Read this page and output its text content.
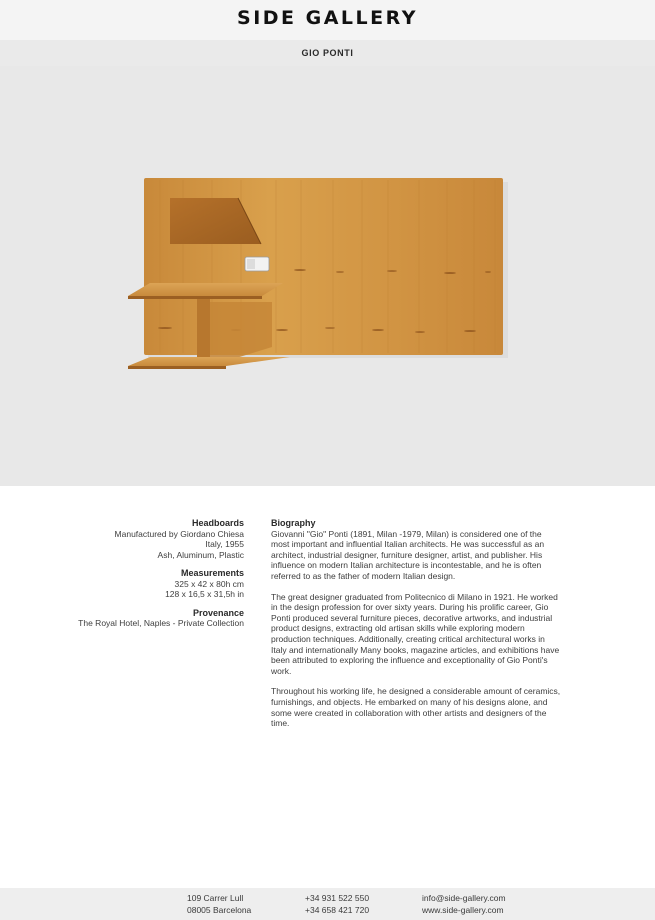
SIDE GALLERY
GIO PONTI
Headboards
Manufactured by Giordano Chiesa
Italy, 1955
Ash, Aluminum, Plastic
Measurements
325 x 42 x 80h cm
128 x 16,5 x 31,5h in
Provenance
The Royal Hotel, Naples - Private Collection
Biography

Giovanni "Gio" Ponti (1891, Milan -1979, Milan) is considered one of the most important and influential Italian architects. He was successful as an architect, industrial designer, furniture designer, artist, and publisher. His influence on modern Italian architecture is incontestable, and he is often referred to as the father of modern Italian design.

The great designer graduated from Politecnico di Milano in 1921. He worked in the design profession for over sixty years. During his prolific career, Gio Ponti produced several furniture pieces, decorative artworks, and industrial product designs, extracting old artisan skills while exploring modern production techniques. Additionally, creating critical architectural works in Italy and internationally Many books, magazine articles, and exhibitions have been attributed to exploring the influence and exceptionality of Gio Ponti's work.

Throughout his working life, he designed a considerable amount of ceramics, furnishings, and objects. He embarked on many of his designs alone, and some were created in collaboration with other artists and designers of the time.

109 Carrer Lull
08005 Barcelona
+34 931 522 550
+34 658 421 720
info@side-gallery.com
www.side-gallery.com
